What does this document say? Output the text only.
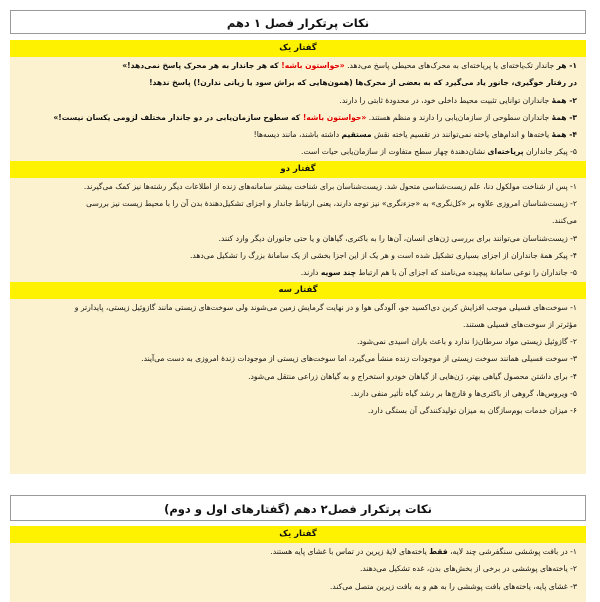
نکات پرتکرار فصل ۱ دهم
گفتار یک
۱- هر جاندار تک‌یاخته‌ای یا پریاخته‌ای به محرک‌های محیطی پاسخ می‌دهد. «حواستون باشه! که هر جاندار به هر محرک پاسخ نمی‌دهد!»
در رفتار خوگیری، جانور یاد می‌گیرد که به بعضی از محرک‌ها (همون‌هایی که براش سود یا زیانی ندارن!) پاسخ ندهد!
۲- همهٔ جانداران توانایی تثبیت محیط داخلی خود، در محدودهٔ ثابتی را دارند.
۳- همهٔ جانداران سطوحی از سازمان‌یابی را دارند و منظم هستند. «حواستون باشه! که سطوح سازمان‌یابی در دو جاندار مختلف لزومی یکسان نیست!»
۴- همهٔ یاخته‌ها و اندام‌های یاخته نمی‌توانند در تقسیم یاخته نقش مستقیم داشته باشند، مانند دیسه‌ها!
۵- پیکر جانداران پریاخته‌ای نشان‌دهندهٔ چهار سطح متفاوت از سازمان‌یابی حیات است.
گفتار دو
۱- پس از شناخت مولکول دنا، علم زیست‌شناسی متحول شد. زیست‌شناسان برای شناخت بیشتر سامانه‌های زنده از اطلاعات دیگر رشته‌ها نیز کمک می‌گیرند.
۲- زیست‌شناسان امروزی علاوه بر «کل‌نگری» به «جزءنگری» نیز توجه دارند، یعنی ارتباط جاندار و اجزای تشکیل‌دهندهٔ بدن آن را با محیط زیست نیز بررسی
می‌کنند.
۳- زیست‌شناسان می‌توانند برای بررسی ژن‌های انسان، آن‌ها را به باکتری، گیاهان و یا حتی جانوران دیگر وارد کنند.
۴- پیکر همهٔ جانداران از اجزای بسیاری تشکیل شده است و هر یک از این اجزا بخشی از یک سامانهٔ بزرگ را تشکیل می‌دهد.
۵- جانداران را نوعی سامانهٔ پیچیده می‌نامند که اجزای آن با هم ارتباط چند سویه دارند.
گفتار سه
۱- سوخت‌های فسیلی موجب افزایش کربن دی‌اکسید جو، آلودگی هوا و در نهایت گرمایش زمین می‌شوند ولی سوخت‌های زیستی مانند گازوئیل زیستی، پایدارتر و
مؤثرتر از سوخت‌های فسیلی هستند.
۲- گازوئیل زیستی مواد سرطان‌زا ندارد و باعث باران اسیدی نمی‌شود.
۳- سوخت فسیلی همانند سوخت زیستی از موجودات زنده منشأ می‌گیرد، اما سوخت‌های زیستی از موجودات زندهٔ امروزی به دست می‌آیند.
۴- برای داشتن محصول گیاهی بهتر، ژن‌هایی از گیاهان خودرو استخراج و به گیاهان زراعی منتقل می‌شود.
۵- ویروس‌ها، گروهی از باکتری‌ها و قارچ‌ها بر رشد گیاه تأثیر منفی دارند.
۶- میزان خدمات بوم‌سازگان به میزان تولیدکنندگی آن بستگی دارد.
نکات پرتکرار فصل۲ دهم (گفتارهای اول و دوم)
گفتار یک
۱- در بافت پوششی سنگفرشی چند لایه، فقط یاخته‌های لایهٔ زیرین در تماس با غشای پایه هستند.
۲- یاخته‌های پوششی در برخی از بخش‌های بدن، غده تشکیل می‌دهند.
۳- غشای پایه، یاخته‌های بافت پوششی را به هم و به بافت زیرین متصل می‌کند.
